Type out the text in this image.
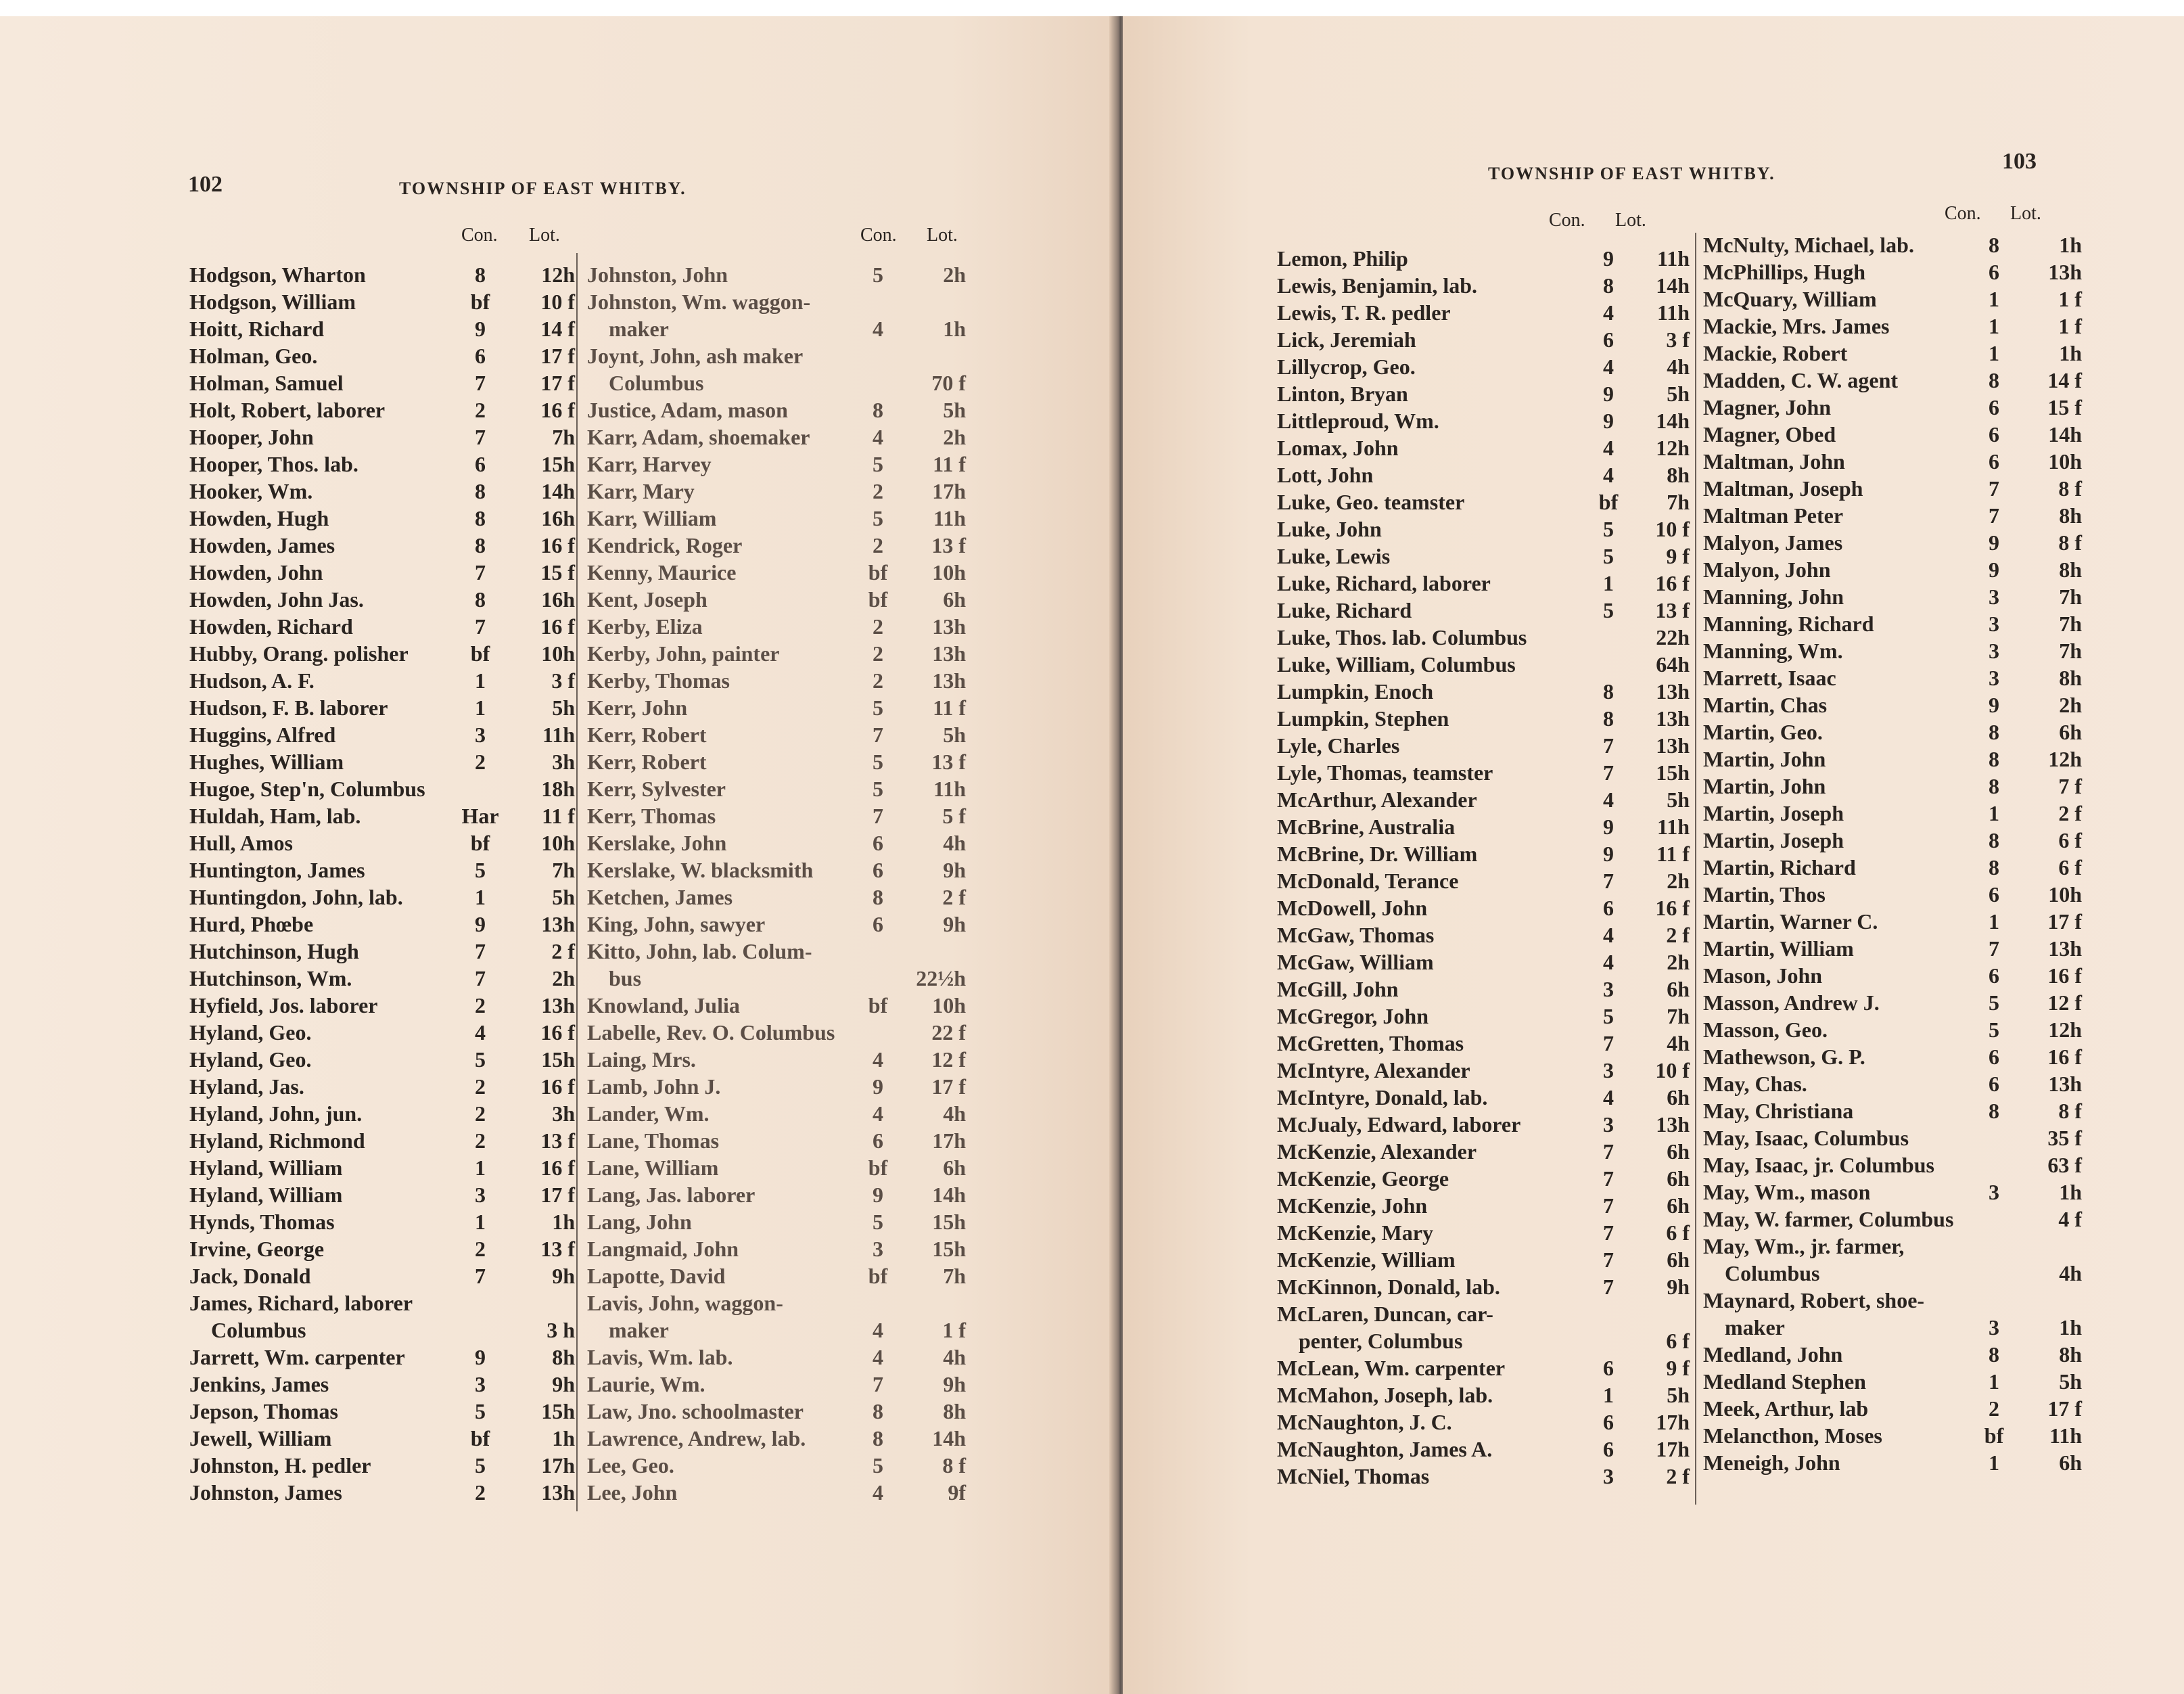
102	TOWNSHIP OF EAST WHITBY.
Con. Lot.	Con. Lot.
Hodgson, Wharton	8	12h
Hodgson, William	bf	10 f
Hoitt, Richard	9	14 f
Holman, Geo.	6	17 f
Holman, Samuel	7	17 f
Holt, Robert, laborer	2	16 f
Hooper, John	7	7h
Hooper, Thos. lab.	6	15h
Hooker, Wm.	8	14h
Howden, Hugh	8	16h
Howden, James	8	16 f
Howden, John	7	15 f
Howden, John Jas.	8	16h
Howden, Richard	7	16 f
Hubby, Orang. polisher	bf	10h
Hudson, A. F.	1	3 f
Hudson, F. B. laborer	1	5h
Huggins, Alfred	3	11h
Hughes, William	2	3h
Hugoe, Step'n, Columbus	18h
Huldah, Ham, lab.	Har	11 f
Hull, Amos	bf	10h
Huntington, James	5	7h
Huntingdon, John, lab.	1	5h
Hurd, Phœbe	9	13h
Hutchinson, Hugh	7	2 f
Hutchinson, Wm.	7	2h
Hyfield, Jos. laborer	2	13h
Hyland, Geo.	4	16 f
Hyland, Geo.	5	15h
Hyland, Jas.	2	16 f
Hyland, John, jun.	2	3h
Hyland, Richmond	2	13 f
Hyland, William	1	16 f
Hyland, William	3	17 f
Hynds, Thomas	1	1h
Irvine, George	2	13 f
Jack, Donald	7	9h
James, Richard, laborer
 Columbus	3 h
Jarrett, Wm. carpenter	9	8h
Jenkins, James	3	9h
Jepson, Thomas	5	15h
Jewell, William	bf	1h
Johnston, H. pedler	5	17h
Johnston, James	2	13h
Johnston, John	5	2h
Johnston, Wm. waggon-
 maker	4	1h
Joynt, John, ash maker
 Columbus	70 f
Justice, Adam, mason	8	5h
Karr, Adam, shoemaker	4	2h
Karr, Harvey	5	11 f
Karr, Mary	2	17h
Karr, William	5	11h
Kendrick, Roger	2	13 f
Kenny, Maurice	bf	10h
Kent, Joseph	bf	6h
Kerby, Eliza	2	13h
Kerby, John, painter	2	13h
Kerby, Thomas	2	13h
Kerr, John	5	11 f
Kerr, Robert	7	5h
Kerr, Robert	5	13 f
Kerr, Sylvester	5	11h
Kerr, Thomas	7	5 f
Kerslake, John	6	4h
Kerslake, W. blacksmith	6	9h
Ketchen, James	8	2 f
King, John, sawyer	6	9h
Kitto, John, lab. Colum-
 bus	22½h
Knowland, Julia	bf	10h
Labelle, Rev. O. Columbus	22 f
Laing, Mrs.	4	12 f
Lamb, John J.	9	17 f
Lander, Wm.	4	4h
Lane, Thomas	6	17h
Lane, William	bf	6h
Lang, Jas. laborer	9	14h
Lang, John	5	15h
Langmaid, John	3	15h
Lapotte, David	bf	7h
Lavis, John, waggon-
 maker	4	1 f
Lavis, Wm. lab.	4	4h
Laurie, Wm.	7	9h
Law, Jno. schoolmaster	8	8h
Lawrence, Andrew, lab.	8	14h
Lee, Geo.	5	8 f
Lee, John	4	9f
TOWNSHIP OF EAST WHITBY.	103
Con. Lot.	Con. Lot.
Lemon, Philip	9	11h
Lewis, Benjamin, lab.	8	14h
Lewis, T. R. pedler	4	11h
Lick, Jeremiah	6	3 f
Lillycrop, Geo.	4	4h
Linton, Bryan	9	5h
Littleproud, Wm.	9	14h
Lomax, John	4	12h
Lott, John	4	8h
Luke, Geo. teamster	bf	7h
Luke, John	5	10 f
Luke, Lewis	5	9 f
Luke, Richard, laborer	1	16 f
Luke, Richard	5	13 f
Luke, Thos. lab. Columbus	22h
Luke, William, Columbus	64h
Lumpkin, Enoch	8	13h
Lumpkin, Stephen	8	13h
Lyle, Charles	7	13h
Lyle, Thomas, teamster	7	15h
McArthur, Alexander	4	5h
McBrine, Australia	9	11h
McBrine, Dr. William	9	11 f
McDonald, Terance	7	2h
McDowell, John	6	16 f
McGaw, Thomas	4	2 f
McGaw, William	4	2h
McGill, John	3	6h
McGregor, John	5	7h
McGretten, Thomas	7	4h
McIntyre, Alexander	3	10 f
McIntyre, Donald, lab.	4	6h
McJualy, Edward, laborer	3	13h
McKenzie, Alexander	7	6h
McKenzie, George	7	6h
McKenzie, John	7	6h
McKenzie, Mary	7	6 f
McKenzie, William	7	6h
McKinnon, Donald, lab.	7	9h
McLaren, Duncan, car-
 penter, Columbus	6 f
McLean, Wm. carpenter	6	9 f
McMahon, Joseph, lab.	1	5h
McNaughton, J. C.	6	17h
McNaughton, James A.	6	17h
McNiel, Thomas	3	2 f
McNulty, Michael, lab.	8	1h
McPhillips, Hugh	6	13h
McQuary, William	1	1 f
Mackie, Mrs. James	1	1 f
Mackie, Robert	1	1h
Madden, C. W. agent	8	14 f
Magner, John	6	15 f
Magner, Obed	6	14h
Maltman, John	6	10h
Maltman, Joseph	7	8 f
Maltman Peter	7	8h
Malyon, James	9	8 f
Malyon, John	9	8h
Manning, John	3	7h
Manning, Richard	3	7h
Manning, Wm.	3	7h
Marrett, Isaac	3	8h
Martin, Chas	9	2h
Martin, Geo.	8	6h
Martin, John	8	12h
Martin, John	8	7 f
Martin, Joseph	1	2 f
Martin, Joseph	8	6 f
Martin, Richard	8	6 f
Martin, Thos	6	10h
Martin, Warner C.	1	17 f
Martin, William	7	13h
Mason, John	6	16 f
Masson, Andrew J.	5	12 f
Masson, Geo.	5	12h
Mathewson, G. P.	6	16 f
May, Chas.	6	13h
May, Christiana	8	8 f
May, Isaac, Columbus	35 f
May, Isaac, jr. Columbus	63 f
May, Wm., mason	3	1h
May, W. farmer, Columbus	4 f
May, Wm., jr. farmer,
 Columbus	4h
Maynard, Robert, shoe-
 maker	3	1h
Medland, John	8	8h
Medland Stephen	1	5h
Meek, Arthur, lab	2	17 f
Melancthon, Moses	bf	11h
Meneigh, John	1	6h
